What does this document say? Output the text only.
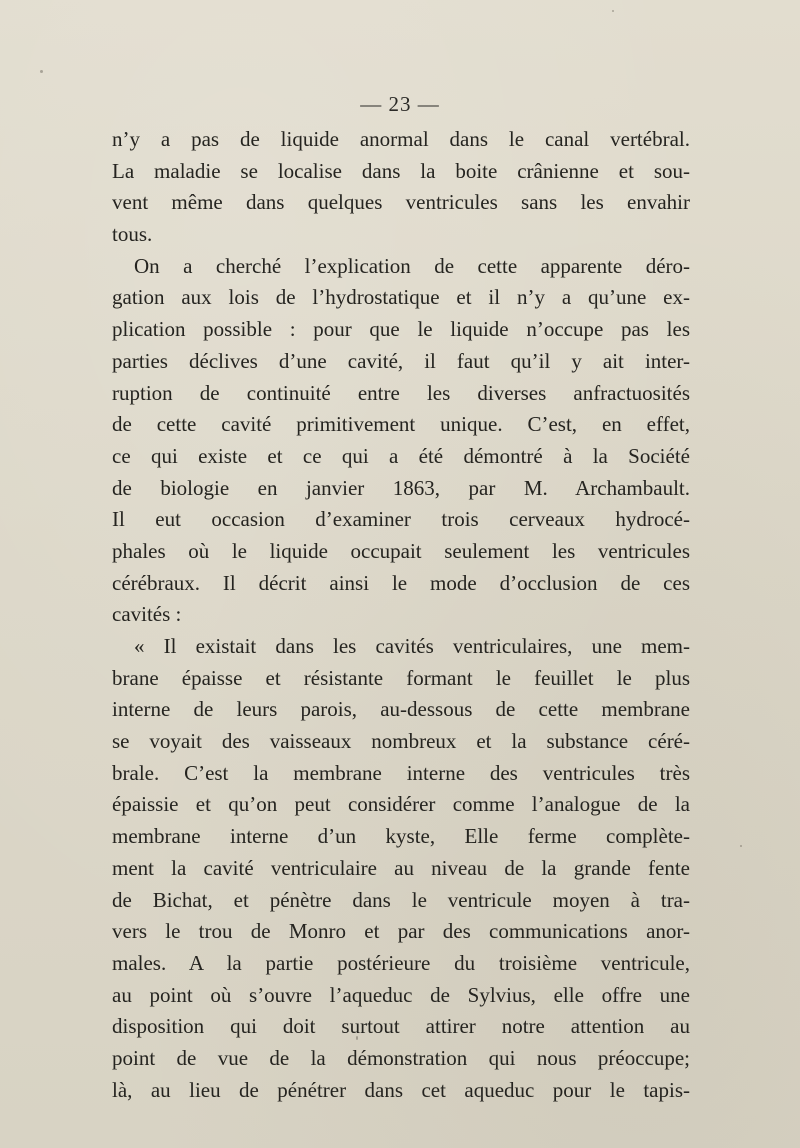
— 23 —
n’y a pas de liquide anormal dans le canal vertébral.
La maladie se localise dans la boite crânienne et sou-
vent même dans quelques ventricules sans les envahir
tous.
On a cherché l’explication de cette apparente déro-
gation aux lois de l’hydrostatique et il n’y a qu’une ex-
plication possible : pour que le liquide n’occupe pas les
parties déclives d’une cavité, il faut qu’il y ait inter-
ruption de continuité entre les diverses anfractuosités
de cette cavité primitivement unique. C’est, en effet,
ce qui existe et ce qui a été démontré à la Société
de biologie en janvier 1863, par M. Archambault.
Il eut occasion d’examiner trois cerveaux hydrocé-
phales où le liquide occupait seulement les ventricules
cérébraux. Il décrit ainsi le mode d’occlusion de ces
cavités :
« Il existait dans les cavités ventriculaires, une mem-
brane épaisse et résistante formant le feuillet le plus
interne de leurs parois, au-dessous de cette membrane
se voyait des vaisseaux nombreux et la substance céré-
brale. C’est la membrane interne des ventricules très
épaissie et qu’on peut considérer comme l’analogue de la
membrane interne d’un kyste, Elle ferme complète-
ment la cavité ventriculaire au niveau de la grande fente
de Bichat, et pénètre dans le ventricule moyen à tra-
vers le trou de Monro et par des communications anor-
males. A la partie postérieure du troisième ventricule,
au point où s’ouvre l’aqueduc de Sylvius, elle offre une
disposition qui doit surtout attirer notre attention au
point de vue de la démonstration qui nous préoccupe;
là, au lieu de pénétrer dans cet aqueduc pour le tapis-
